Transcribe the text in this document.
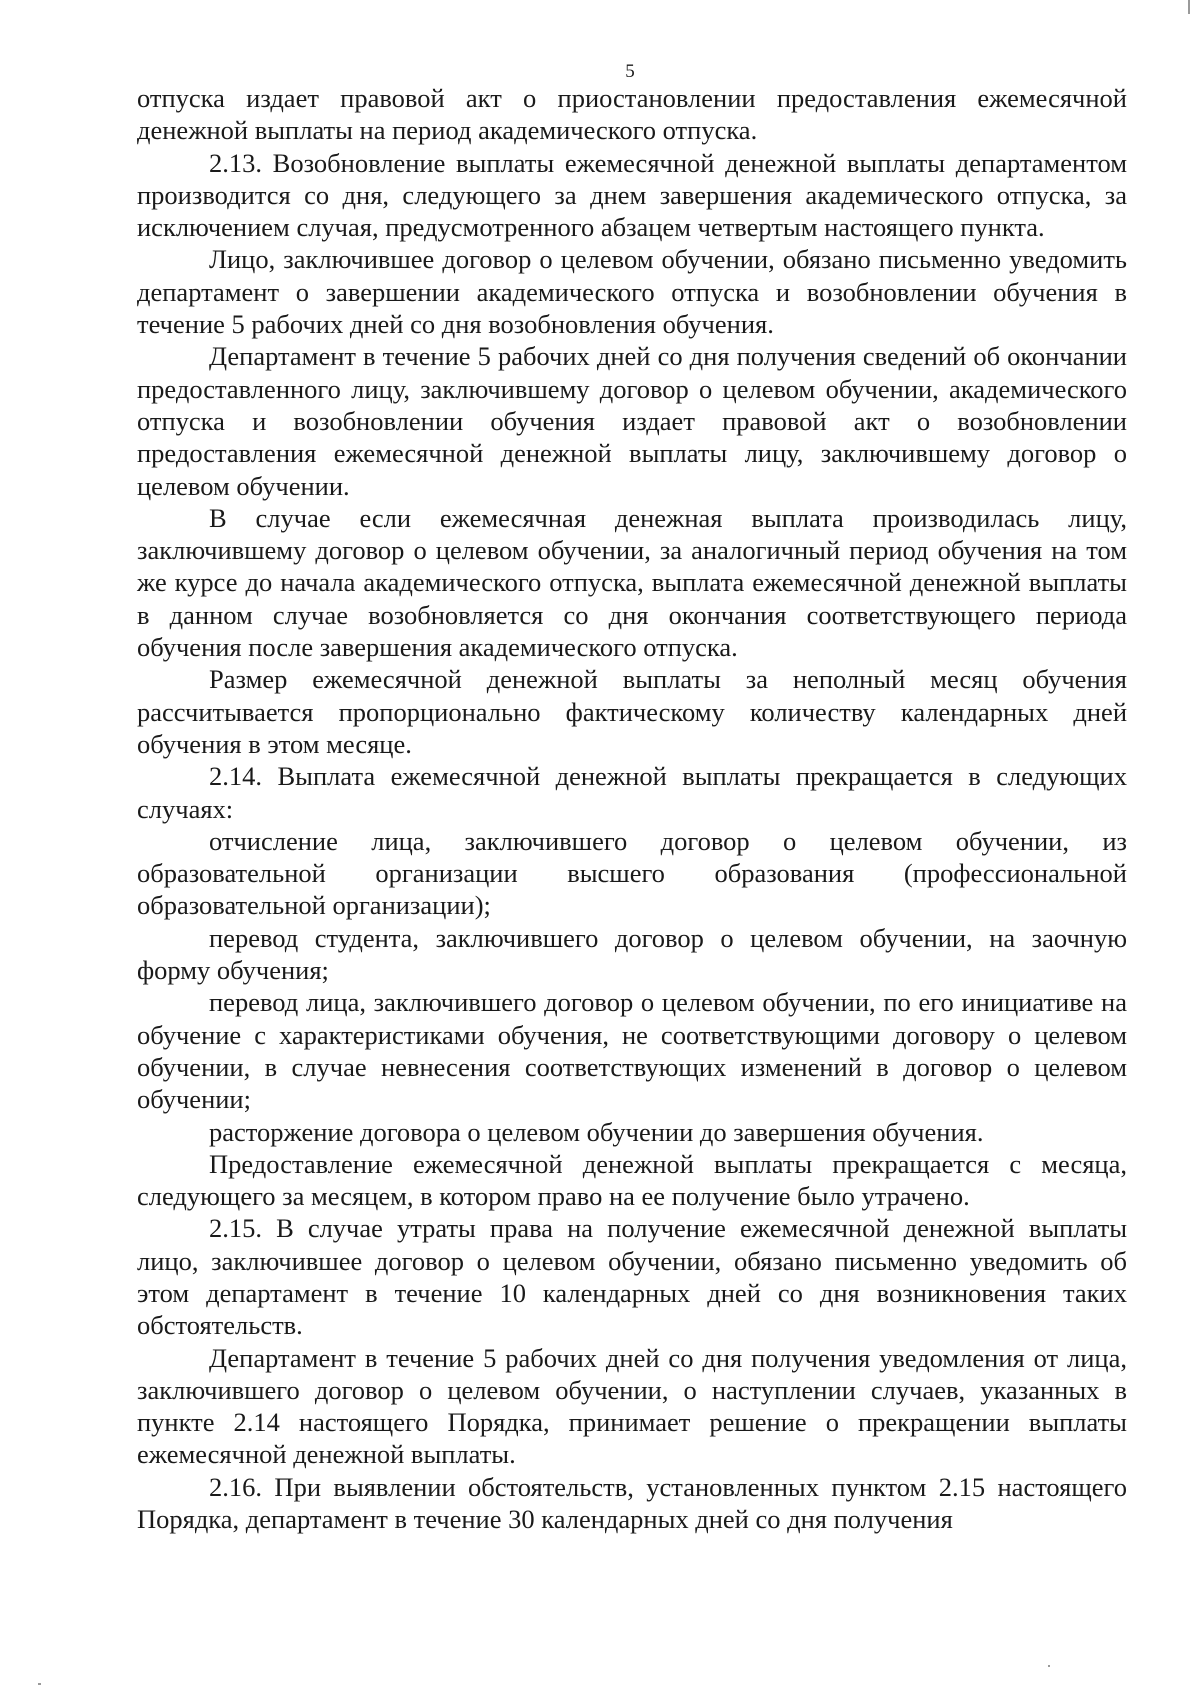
5

отпуска издает правовой акт о приостановлении предоставления ежемесячной денежной выплаты на период академического отпуска.

2.13. Возобновление выплаты ежемесячной денежной выплаты департаментом производится со дня, следующего за днем завершения академического отпуска, за исключением случая, предусмотренного абзацем четвертым настоящего пункта.

Лицо, заключившее договор о целевом обучении, обязано письменно уведомить департамент о завершении академического отпуска и возобновлении обучения в течение 5 рабочих дней со дня возобновления обучения.

Департамент в течение 5 рабочих дней со дня получения сведений об окончании предоставленного лицу, заключившему договор о целевом обучении, академического отпуска и возобновлении обучения издает правовой акт о возобновлении предоставления ежемесячной денежной выплаты лицу, заключившему договор о целевом обучении.

В случае если ежемесячная денежная выплата производилась лицу, заключившему договор о целевом обучении, за аналогичный период обучения на том же курсе до начала академического отпуска, выплата ежемесячной денежной выплаты в данном случае возобновляется со дня окончания соответствующего периода обучения после завершения академического отпуска.

Размер ежемесячной денежной выплаты за неполный месяц обучения рассчитывается пропорционально фактическому количеству календарных дней обучения в этом месяце.

2.14. Выплата ежемесячной денежной выплаты прекращается в следующих случаях:

отчисление лица, заключившего договор о целевом обучении, из образовательной организации высшего образования (профессиональной образовательной организации);

перевод студента, заключившего договор о целевом обучении, на заочную форму обучения;

перевод лица, заключившего договор о целевом обучении, по его инициативе на обучение с характеристиками обучения, не соответствующими договору о целевом обучении, в случае невнесения соответствующих изменений в договор о целевом обучении;

расторжение договора о целевом обучении до завершения обучения.

Предоставление ежемесячной денежной выплаты прекращается с месяца, следующего за месяцем, в котором право на ее получение было утрачено.

2.15. В случае утраты права на получение ежемесячной денежной выплаты лицо, заключившее договор о целевом обучении, обязано письменно уведомить об этом департамент в течение 10 календарных дней со дня возникновения таких обстоятельств.

Департамент в течение 5 рабочих дней со дня получения уведомления от лица, заключившего договор о целевом обучении, о наступлении случаев, указанных в пункте 2.14 настоящего Порядка, принимает решение о прекращении выплаты ежемесячной денежной выплаты.

2.16. При выявлении обстоятельств, установленных пунктом 2.15 настоящего Порядка, департамент в течение 30 календарных дней со дня получения
